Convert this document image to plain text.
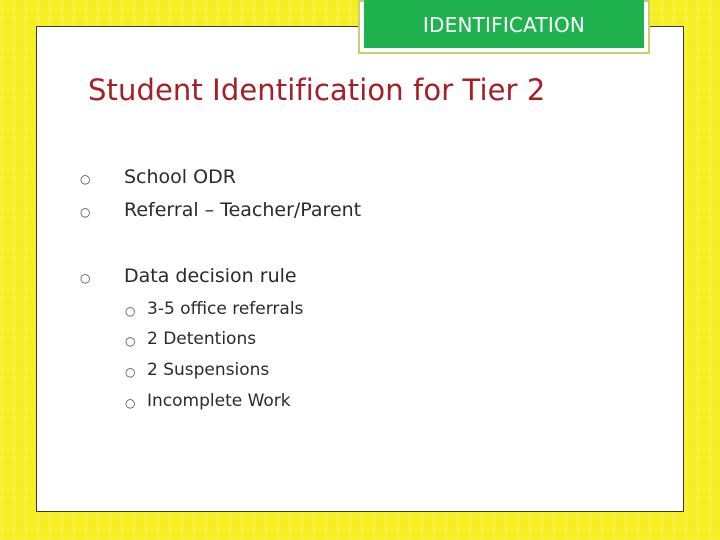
IDENTIFICATION
Student Identification for Tier 2
○ School ODR
○ Referral – Teacher/Parent
○ Data decision rule
○ 3-5 office referrals
○ 2 Detentions
○ 2 Suspensions
○ Incomplete Work
